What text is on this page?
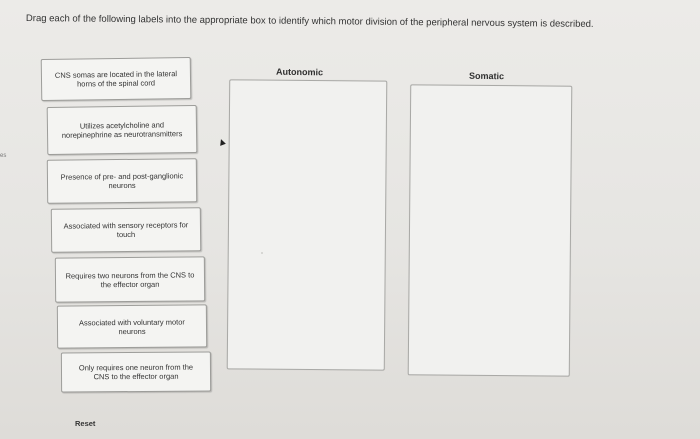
Drag each of the following labels into the appropriate box to identify which motor division of the peripheral nervous system is described.
es
CNS somas are located in the lateral horns of the spinal cord
Utilizes acetylcholine and norepinephrine as neurotransmitters
Presence of pre- and post-ganglionic neurons
Associated with sensory receptors for touch
Requires two neurons from the CNS to the effector organ
Associated with voluntary motor neurons
Only requires one neuron from the CNS to the effector organ
Autonomic	Somatic
Reset
